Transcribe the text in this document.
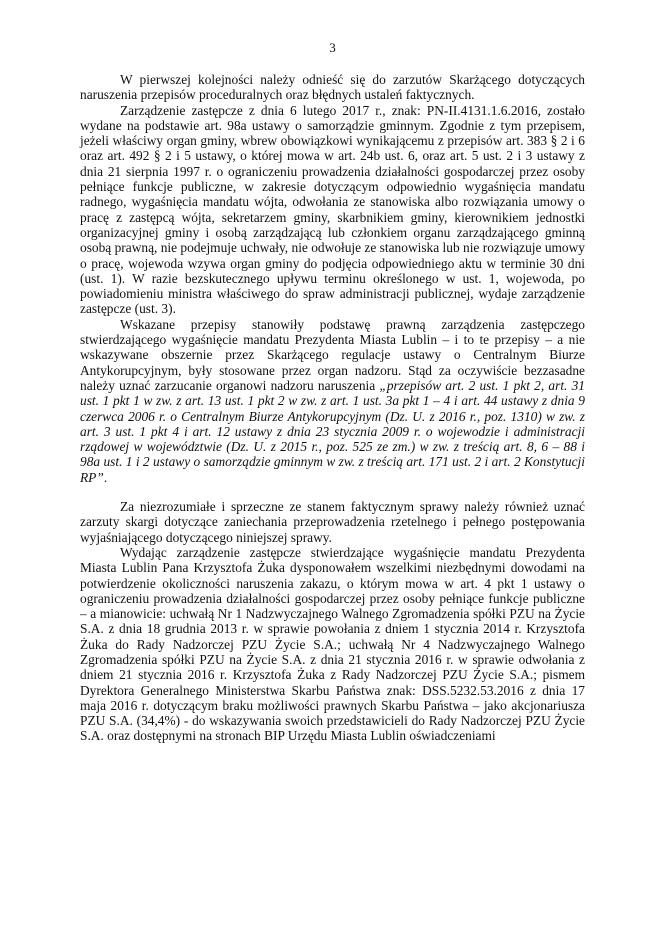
3

W pierwszej kolejności należy odnieść się do zarzutów Skarżącego dotyczących naruszenia przepisów proceduralnych oraz błędnych ustaleń faktycznych.

Zarządzenie zastępcze z dnia 6 lutego 2017 r., znak: PN-II.4131.1.6.2016, zostało wydane na podstawie art. 98a ustawy o samorządzie gminnym. Zgodnie z tym przepisem, jeżeli właściwy organ gminy, wbrew obowiązkowi wynikającemu z przepisów art. 383 § 2 i 6 oraz art. 492 § 2 i 5 ustawy, o której mowa w art. 24b ust. 6, oraz art. 5 ust. 2 i 3 ustawy z dnia 21 sierpnia 1997 r. o ograniczeniu prowadzenia działalności gospodarczej przez osoby pełniące funkcje publiczne, w zakresie dotyczącym odpowiednio wygaśnięcia mandatu radnego, wygaśnięcia mandatu wójta, odwołania ze stanowiska albo rozwiązania umowy o pracę z zastępcą wójta, sekretarzem gminy, skarbnikiem gminy, kierownikiem jednostki organizacyjnej gminy i osobą zarządzającą lub członkiem organu zarządzającego gminną osobą prawną, nie podejmuje uchwały, nie odwołuje ze stanowiska lub nie rozwiązuje umowy o pracę, wojewoda wzywa organ gminy do podjęcia odpowiedniego aktu w terminie 30 dni (ust. 1). W razie bezskutecznego upływu terminu określonego w ust. 1, wojewoda, po powiadomieniu ministra właściwego do spraw administracji publicznej, wydaje zarządzenie zastępcze (ust. 3).

Wskazane przepisy stanowiły podstawę prawną zarządzenia zastępczego stwierdzającego wygaśnięcie mandatu Prezydenta Miasta Lublin – i to te przepisy – a nie wskazywane obszernie przez Skarżącego regulacje ustawy o Centralnym Biurze Antykorupcyjnym, były stosowane przez organ nadzoru. Stąd za oczywiście bezzasadne należy uznać zarzucanie organowi nadzoru naruszenia „przepisów art. 2 ust. 1 pkt 2, art. 31 ust. 1 pkt 1 w zw. z art. 13 ust. 1 pkt 2 w zw. z art. 1 ust. 3a pkt 1 – 4 i art. 44 ustawy z dnia 9 czerwca 2006 r. o Centralnym Biurze Antykorupcyjnym (Dz. U. z 2016 r., poz. 1310) w zw. z art. 3 ust. 1 pkt 4 i art. 12 ustawy z dnia 23 stycznia 2009 r. o wojewodzie i administracji rządowej w województwie (Dz. U. z 2015 r., poz. 525 ze zm.) w zw. z treścią art. 8, 6 – 88 i 98a ust. 1 i 2 ustawy o samorządzie gminnym w zw. z treścią art. 171 ust. 2 i art. 2 Konstytucji RP”.

Za niezrozumiałe i sprzeczne ze stanem faktycznym sprawy należy również uznać zarzuty skargi dotyczące zaniechania przeprowadzenia rzetelnego i pełnego postępowania wyjaśniającego dotyczącego niniejszej sprawy.

Wydając zarządzenie zastępcze stwierdzające wygaśnięcie mandatu Prezydenta Miasta Lublin Pana Krzysztofa Żuka dysponowałem wszelkimi niezbędnymi dowodami na potwierdzenie okoliczności naruszenia zakazu, o którym mowa w art. 4 pkt 1 ustawy o ograniczeniu prowadzenia działalności gospodarczej przez osoby pełniące funkcje publiczne – a mianowicie: uchwałą Nr 1 Nadzwyczajnego Walnego Zgromadzenia spółki PZU na Życie S.A. z dnia 18 grudnia 2013 r. w sprawie powołania z dniem 1 stycznia 2014 r. Krzysztofa Żuka do Rady Nadzorczej PZU Życie S.A.; uchwałą Nr 4 Nadzwyczajnego Walnego Zgromadzenia spółki PZU na Życie S.A. z dnia 21 stycznia 2016 r. w sprawie odwołania z dniem 21 stycznia 2016 r. Krzysztofa Żuka z Rady Nadzorczej PZU Życie S.A.; pismem Dyrektora Generalnego Ministerstwa Skarbu Państwa znak: DSS.5232.53.2016 z dnia 17 maja 2016 r. dotyczącym braku możliwości prawnych Skarbu Państwa – jako akcjonariusza PZU S.A. (34,4%) - do wskazywania swoich przedstawicieli do Rady Nadzorczej PZU Życie S.A. oraz dostępnymi na stronach BIP Urzędu Miasta Lublin oświadczeniami
